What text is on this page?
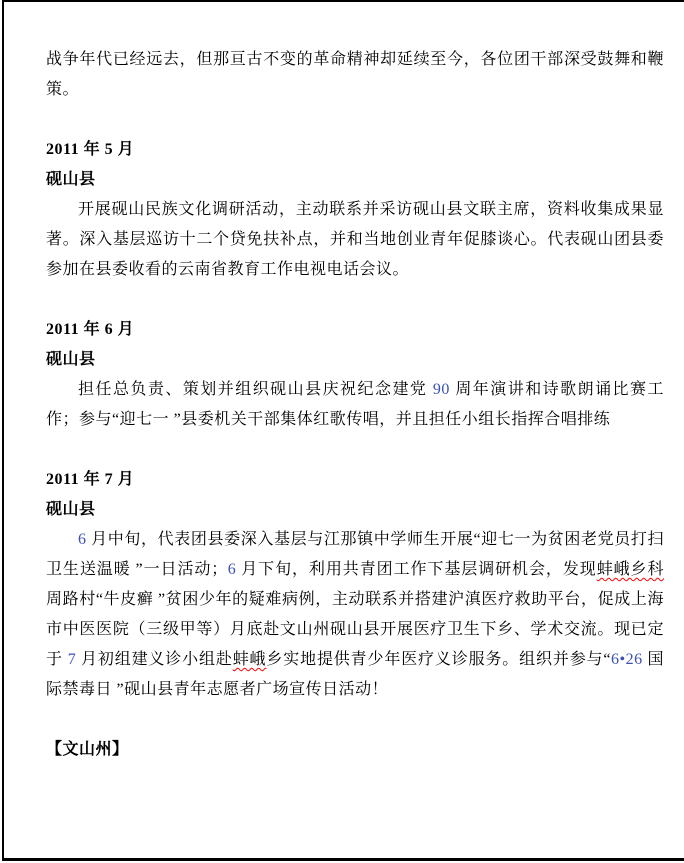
战争年代已经远去，但那亘古不变的革命精神却延续至今，各位团干部深受鼓舞和鞭策。

2011 年 5 月
砚山县

开展砚山民族文化调研活动，主动联系并采访砚山县文联主席，资料收集成果显著。深入基层巡访十二个贷免扶补点，并和当地创业青年促膝谈心。代表砚山团县委参加在县委收看的云南省教育工作电视电话会议。

2011 年 6 月
砚山县

担任总负责、策划并组织砚山县庆祝纪念建党 90 周年演讲和诗歌朗诵比赛工作；参与“迎七一 ”县委机关干部集体红歌传唱，并且担任小组长指挥合唱排练

2011 年 7 月
砚山县

6 月中旬，代表团县委深入基层与江那镇中学师生开展“迎七一为贫困老党员打扫卫生送温暖 ”一日活动；6 月下旬，利用共青团工作下基层调研机会，发现蚌峨乡科周路村“牛皮癣 ”贫困少年的疑难病例，主动联系并搭建沪滇医疗救助平台，促成上海市中医医院（三级甲等）月底赴文山州砚山县开展医疗卫生下乡、学术交流。现已定于 7 月初组建义诊小组赴蚌峨乡实地提供青少年医疗义诊服务。组织并参与“6•26 国际禁毒日 ”砚山县青年志愿者广场宣传日活动！

【文山州】
